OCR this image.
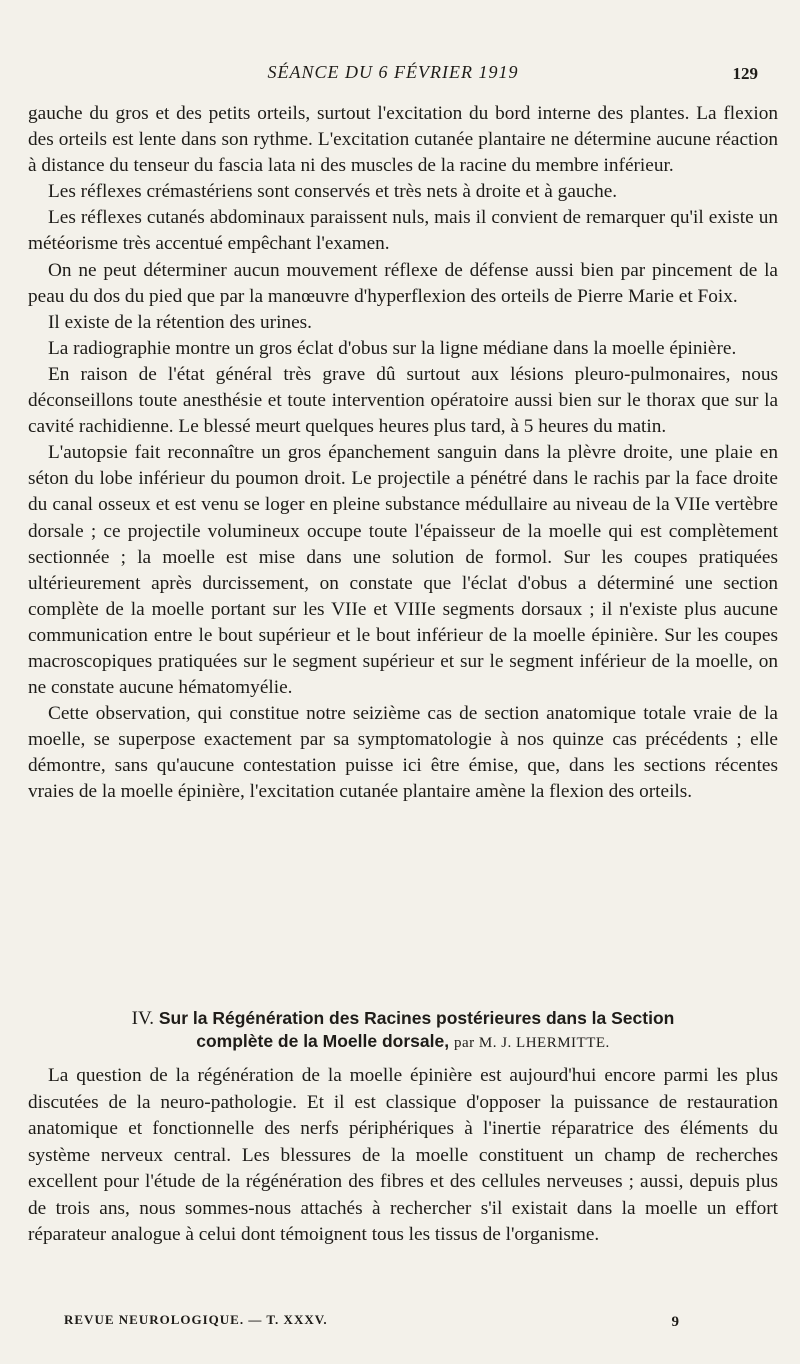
SÉANCE DU 6 FÉVRIER 1919	129

gauche du gros et des petits orteils, surtout l'excitation du bord interne des plantes. La flexion des orteils est lente dans son rythme. L'excitation cutanée plantaire ne détermine aucune réaction à distance du tenseur du fascia lata ni des muscles de la racine du membre inférieur.

Les réflexes crémastériens sont conservés et très nets à droite et à gauche.

Les réflexes cutanés abdominaux paraissent nuls, mais il convient de remarquer qu'il existe un météorisme très accentué empêchant l'examen.

On ne peut déterminer aucun mouvement réflexe de défense aussi bien par pincement de la peau du dos du pied que par la manœuvre d'hyperflexion des orteils de Pierre Marie et Foix.

Il existe de la rétention des urines.

La radiographie montre un gros éclat d'obus sur la ligne médiane dans la moelle épinière.

En raison de l'état général très grave dû surtout aux lésions pleuro-pulmonaires, nous déconseillons toute anesthésie et toute intervention opératoire aussi bien sur le thorax que sur la cavité rachidienne. Le blessé meurt quelques heures plus tard, à 5 heures du matin.

L'autopsie fait reconnaître un gros épanchement sanguin dans la plèvre droite, une plaie en séton du lobe inférieur du poumon droit. Le projectile a pénétré dans le rachis par la face droite du canal osseux et est venu se loger en pleine substance médullaire au niveau de la VIIe vertèbre dorsale ; ce projectile volumineux occupe toute l'épaisseur de la moelle qui est complètement sectionnée ; la moelle est mise dans une solution de formol. Sur les coupes pratiquées ultérieurement après durcissement, on constate que l'éclat d'obus a déterminé une section complète de la moelle portant sur les VIIe et VIIIe segments dorsaux ; il n'existe plus aucune communication entre le bout supérieur et le bout inférieur de la moelle épinière. Sur les coupes macroscopiques pratiquées sur le segment supérieur et sur le segment inférieur de la moelle, on ne constate aucune hématomyélie.

Cette observation, qui constitue notre seizième cas de section anatomique totale vraie de la moelle, se superpose exactement par sa symptomatologie à nos quinze cas précédents ; elle démontre, sans qu'aucune contestation puisse ici être émise, que, dans les sections récentes vraies de la moelle épinière, l'excitation cutanée plantaire amène la flexion des orteils.

IV. Sur la Régénération des Racines postérieures dans la Section
complète de la Moelle dorsale, par M. J. LHERMITTE.

La question de la régénération de la moelle épinière est aujourd'hui encore parmi les plus discutées de la neuro-pathologie. Et il est classique d'opposer la puissance de restauration anatomique et fonctionnelle des nerfs périphériques à l'inertie réparatrice des éléments du système nerveux central. Les blessures de la moelle constituent un champ de recherches excellent pour l'étude de la régénération des fibres et des cellules nerveuses ; aussi, depuis plus de trois ans, nous sommes-nous attachés à rechercher s'il existait dans la moelle un effort réparateur analogue à celui dont témoignent tous les tissus de l'organisme.

REVUE NEUROLOGIQUE. — T. XXXV.	9
